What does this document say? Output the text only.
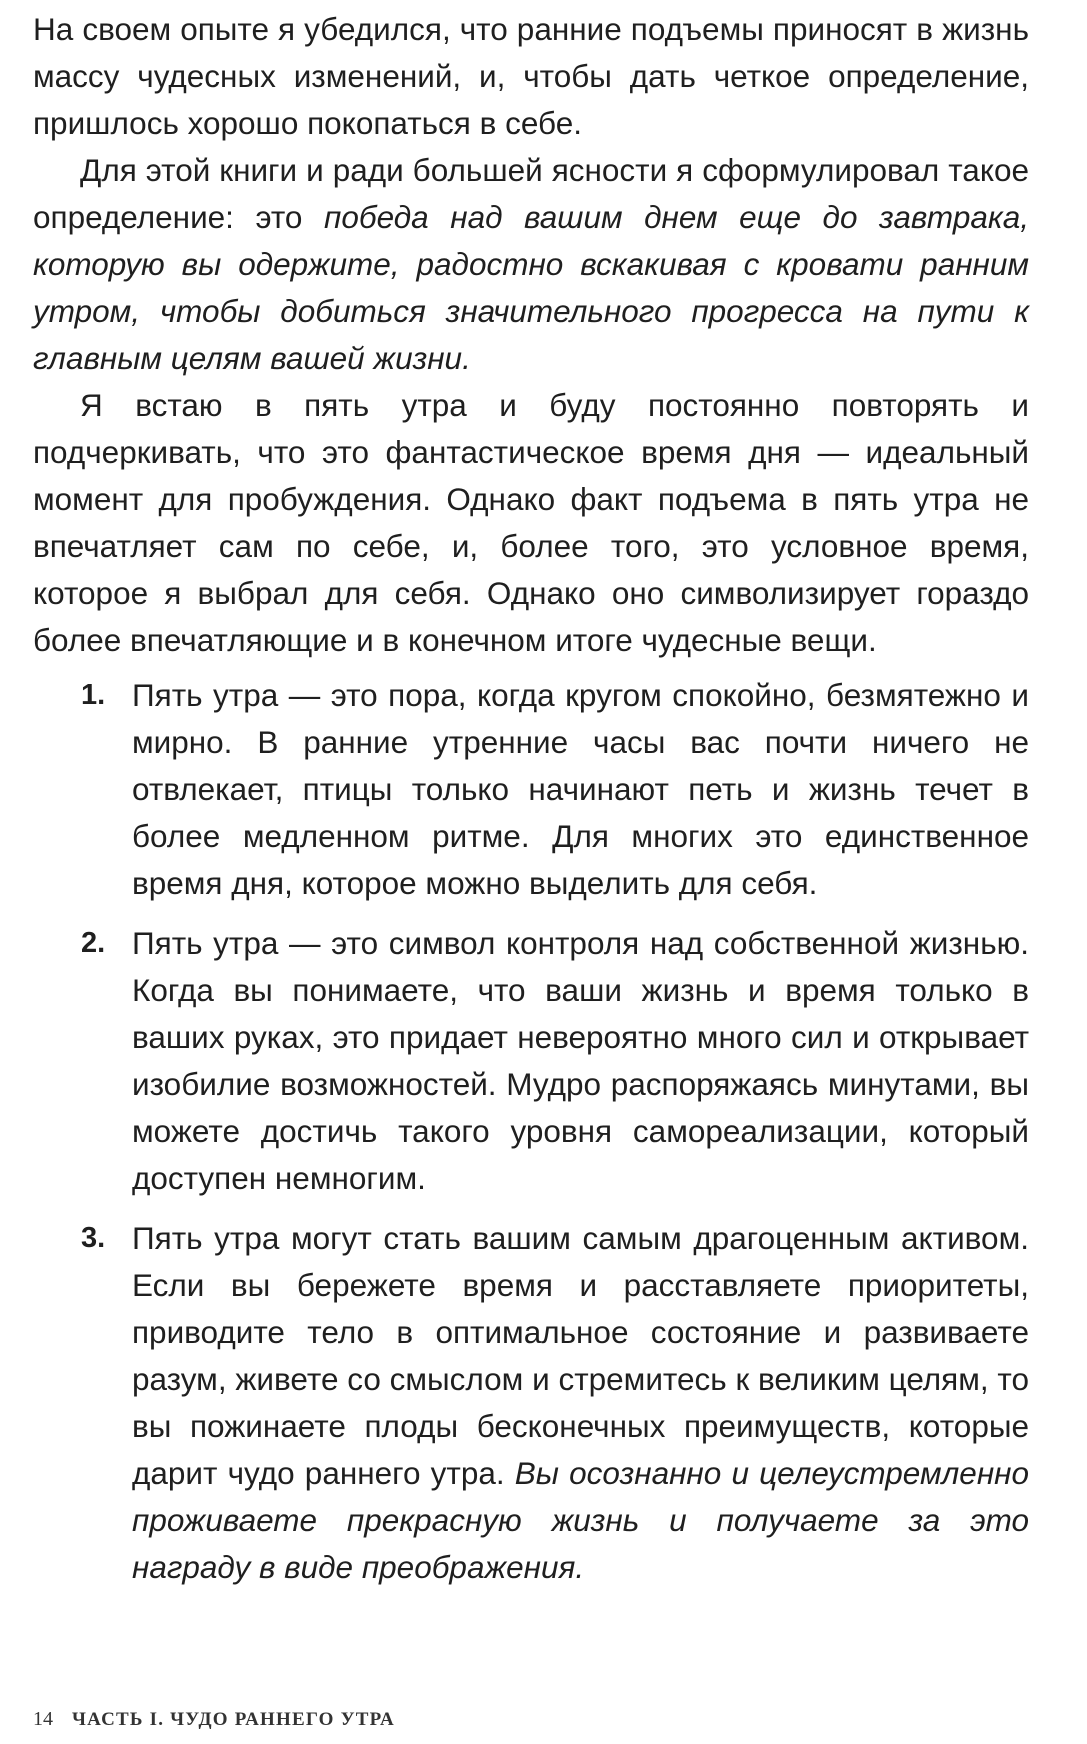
На своем опыте я убедился, что ранние подъемы приносят в жизнь массу чудесных изменений, и, чтобы дать четкое определение, пришлось хорошо покопаться в себе.

Для этой книги и ради большей ясности я сформулировал такое определение: это победа над вашим днем еще до завтрака, которую вы одержите, радостно вскакивая с кровати ранним утром, чтобы добиться значительного прогресса на пути к главным целям вашей жизни.

Я встаю в пять утра и буду постоянно повторять и подчеркивать, что это фантастическое время дня — идеальный момент для пробуждения. Однако факт подъема в пять утра не впечатляет сам по себе, и, более того, это условное время, которое я выбрал для себя. Однако оно символизирует гораздо более впечатляющие и в конечном итоге чудесные вещи.

1. Пять утра — это пора, когда кругом спокойно, безмятежно и мирно. В ранние утренние часы вас почти ничего не отвлекает, птицы только начинают петь и жизнь течет в более медленном ритме. Для многих это единственное время дня, которое можно выделить для себя.

2. Пять утра — это символ контроля над собственной жизнью. Когда вы понимаете, что ваши жизнь и время только в ваших руках, это придает невероятно много сил и открывает изобилие возможностей. Мудро распоряжаясь минутами, вы можете достичь такого уровня самореализации, который доступен немногим.

3. Пять утра могут стать вашим самым драгоценным активом. Если вы бережете время и расставляете приоритеты, приводите тело в оптимальное состояние и развиваете разум, живете со смыслом и стремитесь к великим целям, то вы пожинаете плоды бесконечных преимуществ, которые дарит чудо раннего утра. Вы осознанно и целеустремленно проживаете прекрасную жизнь и получаете за это награду в виде преображения.

14 ЧАСТЬ I. ЧУДО РАННЕГО УТРА
